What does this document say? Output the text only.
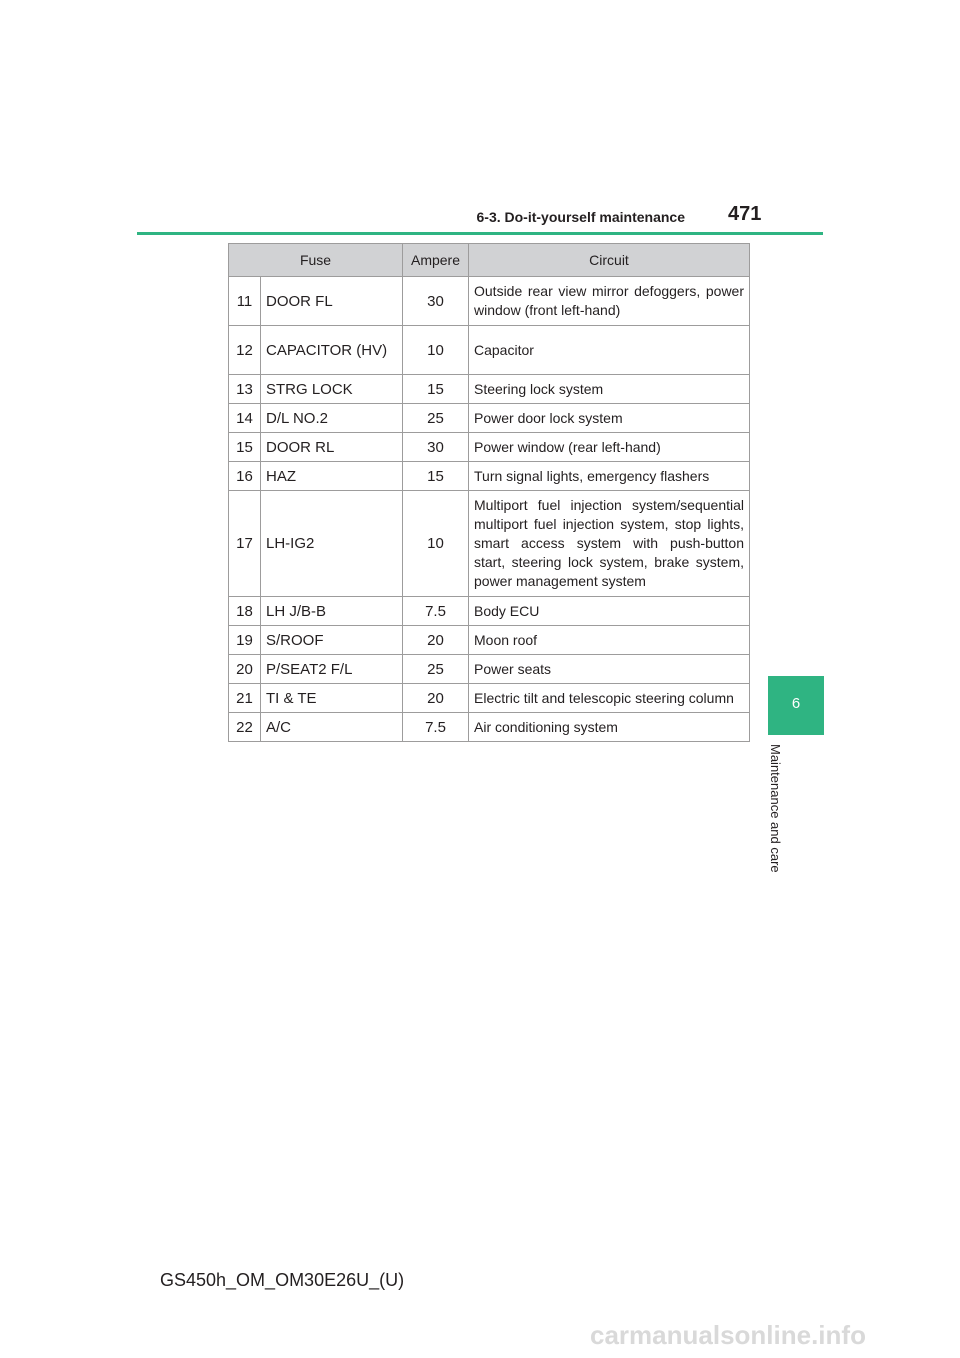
6-3. Do-it-yourself maintenance 471
6
Maintenance and care
Fuse		Ampere	Circuit
11	DOOR FL	30	Outside rear view mirror defoggers, power window (front left-hand)
12	CAPACITOR (HV)	10	Capacitor
13	STRG LOCK	15	Steering lock system
14	D/L NO.2	25	Power door lock system
15	DOOR RL	30	Power window (rear left-hand)
16	HAZ	15	Turn signal lights, emergency flashers
17	LH-IG2	10	Multiport fuel injection system/sequential multiport fuel injection system, stop lights, smart access system with push-button start, steering lock system, brake system, power management system
18	LH J/B-B	7.5	Body ECU
19	S/ROOF	20	Moon roof
20	P/SEAT2 F/L	25	Power seats
21	TI & TE	20	Electric tilt and telescopic steering column
22	A/C	7.5	Air conditioning system
GS450h_OM_OM30E26U_(U)
carmanualsonline.info
